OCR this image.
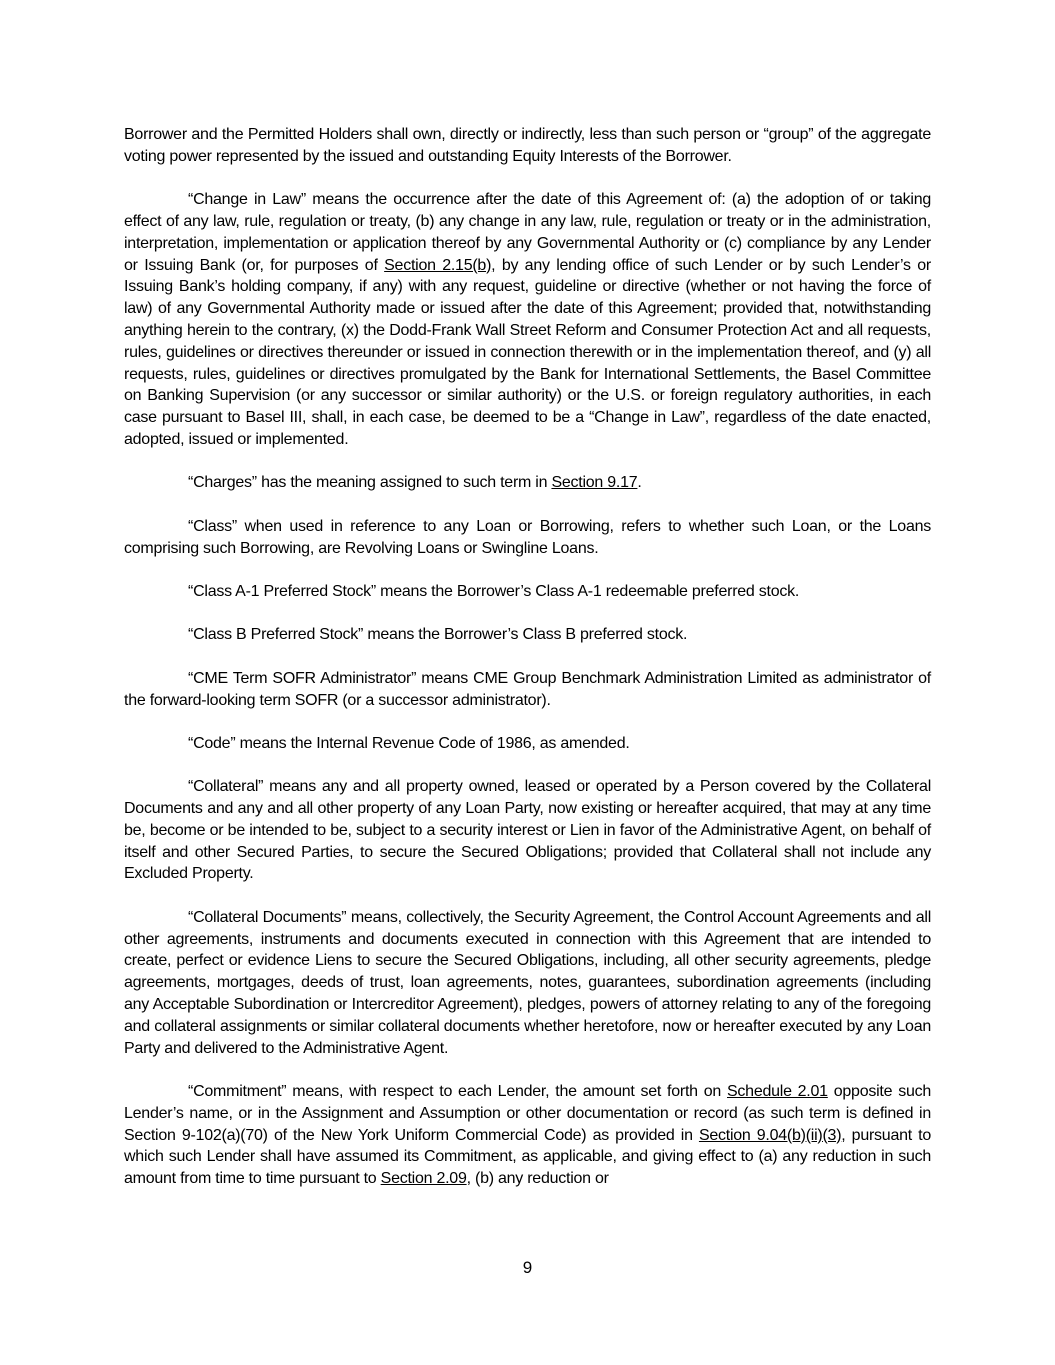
Borrower and the Permitted Holders shall own, directly or indirectly, less than such person or “group” of the aggregate voting power represented by the issued and outstanding Equity Interests of the Borrower.

“Change in Law” means the occurrence after the date of this Agreement of: (a) the adoption of or taking effect of any law, rule, regulation or treaty, (b) any change in any law, rule, regulation or treaty or in the administration, interpretation, implementation or application thereof by any Governmental Authority or (c) compliance by any Lender or Issuing Bank (or, for purposes of Section 2.15(b), by any lending office of such Lender or by such Lender’s or Issuing Bank’s holding company, if any) with any request, guideline or directive (whether or not having the force of law) of any Governmental Authority made or issued after the date of this Agreement; provided that, notwithstanding anything herein to the contrary, (x) the Dodd-Frank Wall Street Reform and Consumer Protection Act and all requests, rules, guidelines or directives thereunder or issued in connection therewith or in the implementation thereof, and (y) all requests, rules, guidelines or directives promulgated by the Bank for International Settlements, the Basel Committee on Banking Supervision (or any successor or similar authority) or the U.S. or foreign regulatory authorities, in each case pursuant to Basel III, shall, in each case, be deemed to be a “Change in Law”, regardless of the date enacted, adopted, issued or implemented.

“Charges” has the meaning assigned to such term in Section 9.17.

“Class” when used in reference to any Loan or Borrowing, refers to whether such Loan, or the Loans comprising such Borrowing, are Revolving Loans or Swingline Loans.

“Class A-1 Preferred Stock” means the Borrower’s Class A-1 redeemable preferred stock.

“Class B Preferred Stock” means the Borrower’s Class B preferred stock.

“CME Term SOFR Administrator” means CME Group Benchmark Administration Limited as administrator of the forward-looking term SOFR (or a successor administrator).

“Code” means the Internal Revenue Code of 1986, as amended.

“Collateral” means any and all property owned, leased or operated by a Person covered by the Collateral Documents and any and all other property of any Loan Party, now existing or hereafter acquired, that may at any time be, become or be intended to be, subject to a security interest or Lien in favor of the Administrative Agent, on behalf of itself and other Secured Parties, to secure the Secured Obligations; provided that Collateral shall not include any Excluded Property.

“Collateral Documents” means, collectively, the Security Agreement, the Control Account Agreements and all other agreements, instruments and documents executed in connection with this Agreement that are intended to create, perfect or evidence Liens to secure the Secured Obligations, including, all other security agreements, pledge agreements, mortgages, deeds of trust, loan agreements, notes, guarantees, subordination agreements (including any Acceptable Subordination or Intercreditor Agreement), pledges, powers of attorney relating to any of the foregoing and collateral assignments or similar collateral documents whether heretofore, now or hereafter executed by any Loan Party and delivered to the Administrative Agent.

“Commitment” means, with respect to each Lender, the amount set forth on Schedule 2.01 opposite such Lender’s name, or in the Assignment and Assumption or other documentation or record (as such term is defined in Section 9-102(a)(70) of the New York Uniform Commercial Code) as provided in Section 9.04(b)(ii)(3), pursuant to which such Lender shall have assumed its Commitment, as applicable, and giving effect to (a) any reduction in such amount from time to time pursuant to Section 2.09, (b) any reduction or

9
